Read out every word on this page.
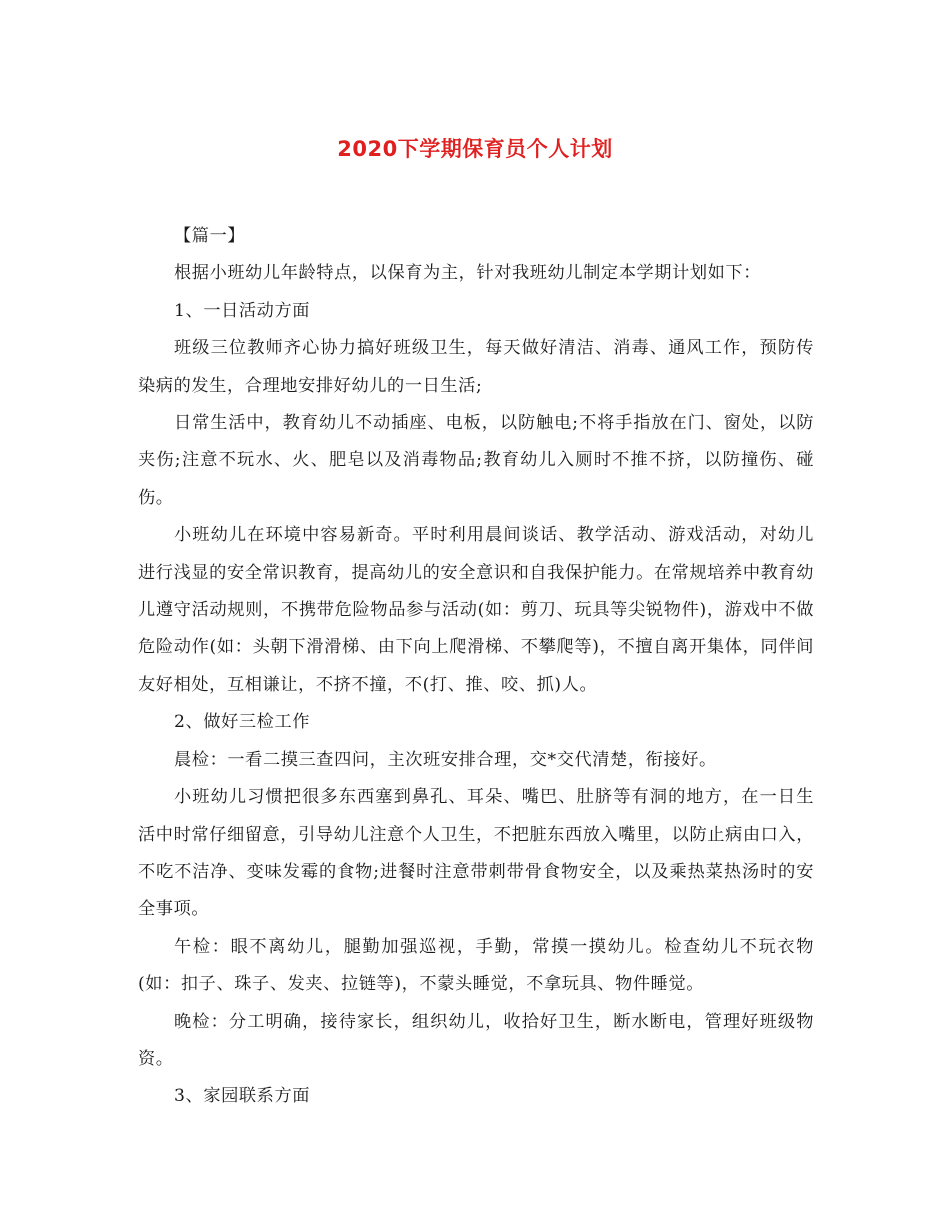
2020下学期保育员个人计划

【篇一】

根据小班幼儿年龄特点，以保育为主，针对我班幼儿制定本学期计划如下：

1、一日活动方面

班级三位教师齐心协力搞好班级卫生，每天做好清洁、消毒、通风工作，预防传染病的发生，合理地安排好幼儿的一日生活;

日常生活中，教育幼儿不动插座、电板，以防触电;不将手指放在门、窗处，以防夹伤;注意不玩水、火、肥皂以及消毒物品;教育幼儿入厕时不推不挤，以防撞伤、碰伤。

小班幼儿在环境中容易新奇。平时利用晨间谈话、教学活动、游戏活动，对幼儿进行浅显的安全常识教育，提高幼儿的安全意识和自我保护能力。在常规培养中教育幼儿遵守活动规则，不携带危险物品参与活动(如：剪刀、玩具等尖锐物件)，游戏中不做危险动作(如：头朝下滑滑梯、由下向上爬滑梯、不攀爬等)，不擅自离开集体，同伴间友好相处，互相谦让，不挤不撞，不(打、推、咬、抓)人。

2、做好三检工作

晨检：一看二摸三查四问，主次班安排合理，交*交代清楚，衔接好。

小班幼儿习惯把很多东西塞到鼻孔、耳朵、嘴巴、肚脐等有洞的地方，在一日生活中时常仔细留意，引导幼儿注意个人卫生，不把脏东西放入嘴里，以防止病由口入，不吃不洁净、变味发霉的食物;进餐时注意带刺带骨食物安全，以及乘热菜热汤时的安全事项。

午检：眼不离幼儿，腿勤加强巡视，手勤，常摸一摸幼儿。检查幼儿不玩衣物(如：扣子、珠子、发夹、拉链等)，不蒙头睡觉，不拿玩具、物件睡觉。

晚检：分工明确，接待家长，组织幼儿，收拾好卫生，断水断电，管理好班级物资。

3、家园联系方面
